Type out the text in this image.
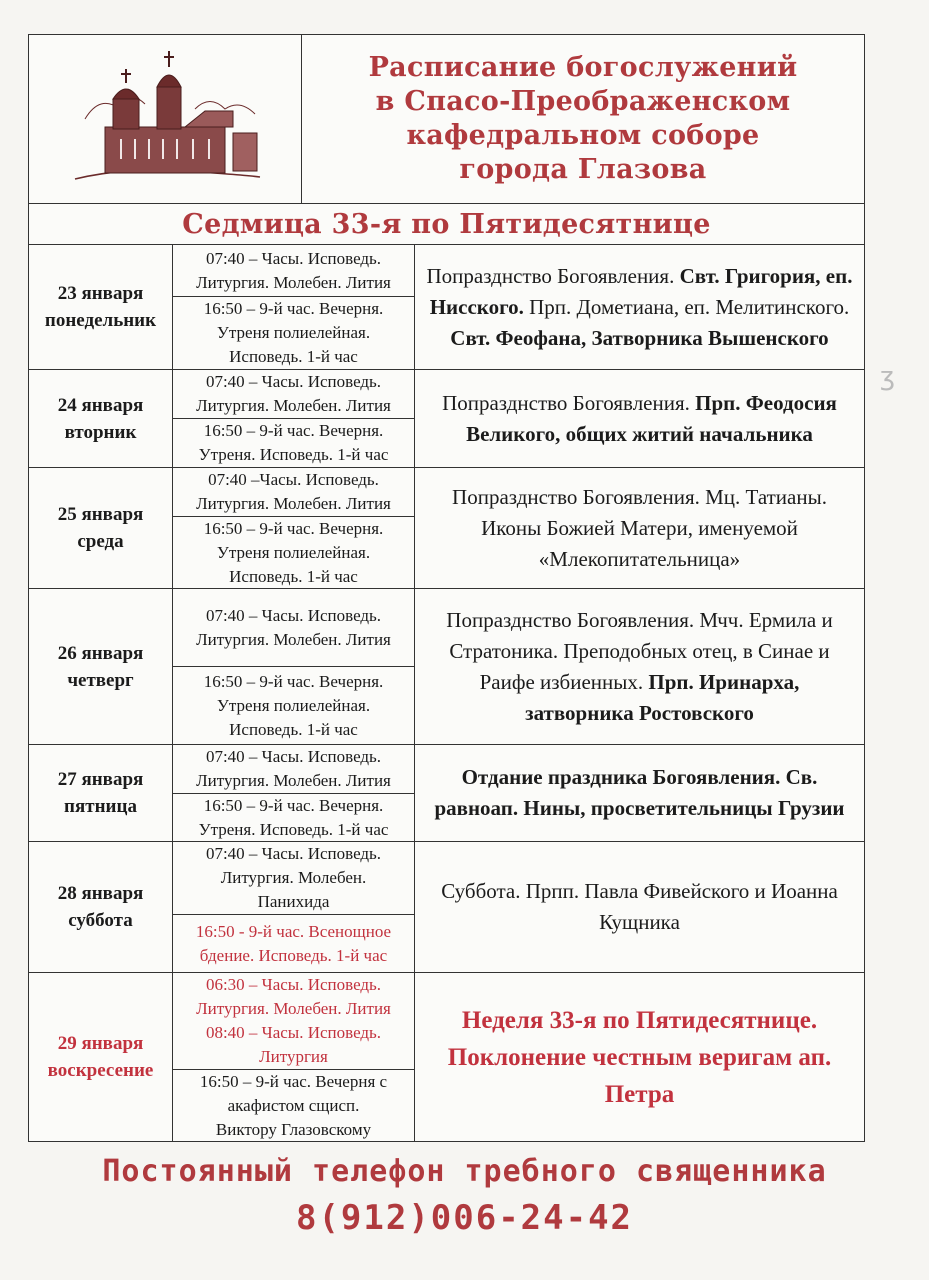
Расписание богослужений
в Спасо-Преображенском
кафедральном соборе
города Глазова
Седмица 33-я по Пятидесятнице
23 января
понедельник
07:40 – Часы. Исповедь.
Литургия. Молебен. Лития
16:50 – 9-й час. Вечерня.
Утреня полиелейная.
Исповедь. 1-й час
Попразднство Богоявления. Свт. Григория, еп. Нисского. Прп. Дометиана, еп. Мелитинского. Свт. Феофана, Затворника Вышенского
24 января
вторник
07:40 – Часы. Исповедь.
Литургия. Молебен. Лития
16:50 – 9-й час. Вечерня.
Утреня. Исповедь. 1-й час
Попразднство Богоявления. Прп. Феодосия Великого, общих житий начальника
25 января
среда
07:40 –Часы. Исповедь.
Литургия. Молебен. Лития
16:50 – 9-й час. Вечерня.
Утреня полиелейная.
Исповедь. 1-й час
Попразднство Богоявления. Мц. Татианы. Иконы Божией Матери, именуемой «Млекопитательница»
26 января
четверг
07:40 – Часы. Исповедь.
Литургия. Молебен. Лития
16:50 – 9-й час. Вечерня.
Утреня полиелейная.
Исповедь. 1-й час
Попразднство Богоявления. Мчч. Ермила и Стратоника. Преподобных отец, в Синае и Раифе избиенных. Прп. Иринарха, затворника Ростовского
27 января
пятница
07:40 – Часы. Исповедь.
Литургия. Молебен. Лития
16:50 – 9-й час. Вечерня.
Утреня. Исповедь. 1-й час
Отдание праздника Богоявления. Св. равноап. Нины, просветительницы Грузии
28 января
суббота
07:40 – Часы. Исповедь.
Литургия. Молебен.
Панихида
16:50 - 9-й час. Всенощное
бдение. Исповедь. 1-й час
Суббота. Прпп. Павла Фивейского и Иоанна Кущника
29 января
воскресение
06:30 – Часы. Исповедь.
Литургия. Молебен. Лития
08:40 – Часы. Исповедь.
Литургия
16:50 – 9-й час. Вечерня с
акафистом сщисп.
Виктору Глазовскому
Неделя 33-я по Пятидесятнице. Поклонение честным веригам ап. Петра
Постоянный телефон требного священника
8(912)006-24-42
ʒ
